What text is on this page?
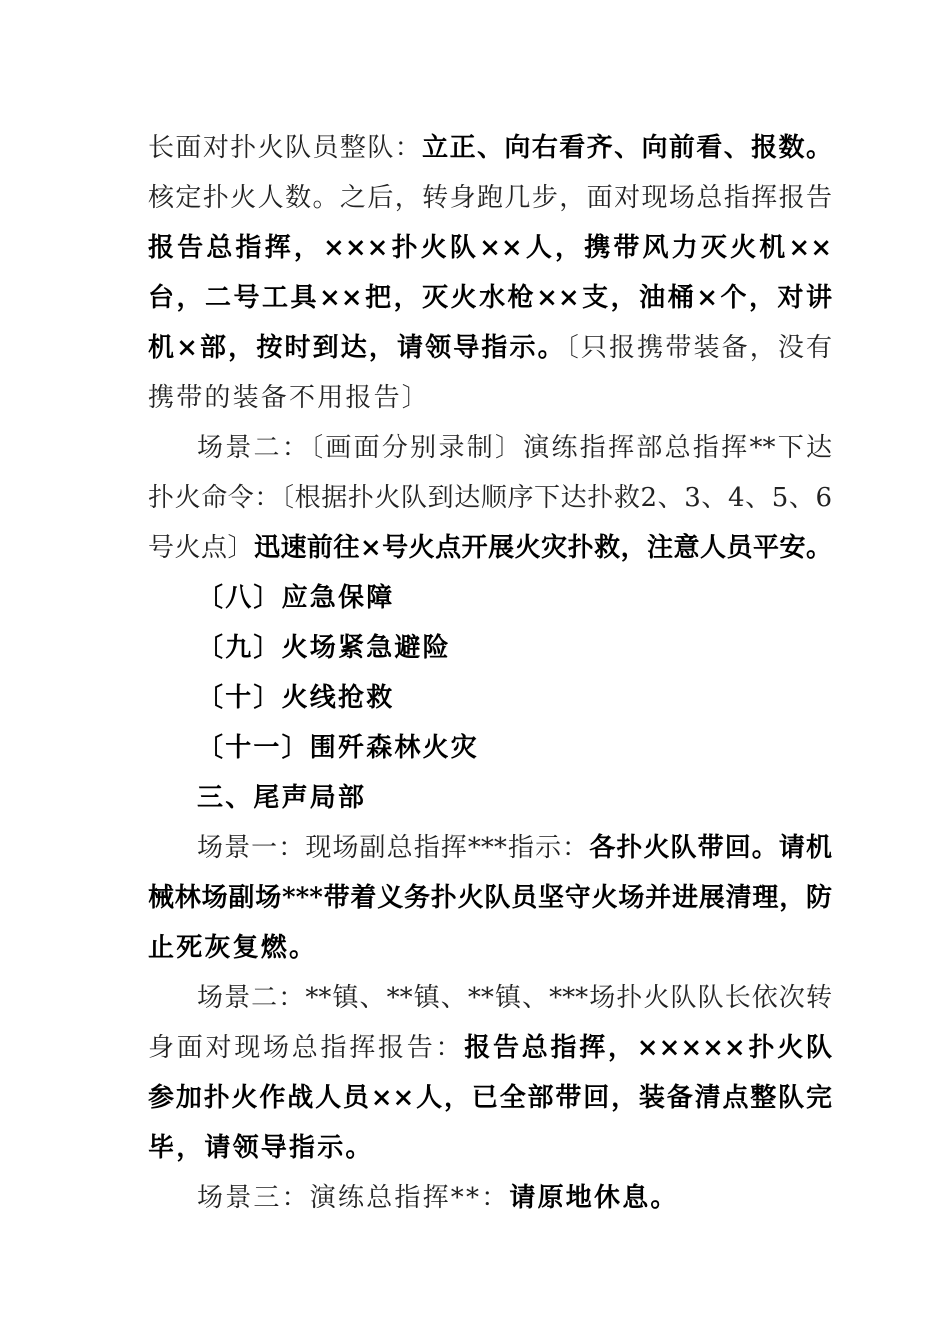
长面对扑火队员整队：立正、向右看齐、向前看、报数。
核定扑火人数。之后，转身跑几步，面对现场总指挥报告
报告总指挥，×××扑火队××人，携带风力灭火机××
台，二号工具××把，灭火水枪××支，油桶×个，对讲
机×部，按时到达，请领导指示。〔只报携带装备，没有
携带的装备不用报告〕
场景二：〔画面分别录制〕演练指挥部总指挥**下达
扑火命令：〔根据扑火队到达顺序下达扑救2、3、4、5、6
号火点〕迅速前往×号火点开展火灾扑救，注意人员平安。
〔八〕应急保障
〔九〕火场紧急避险
〔十〕火线抢救
〔十一〕围歼森林火灾
三、尾声局部
场景一：现场副总指挥***指示：各扑火队带回。请机
械林场副场***带着义务扑火队员坚守火场并进展清理，防
止死灰复燃。
场景二：**镇、**镇、**镇、***场扑火队队长依次转
身面对现场总指挥报告：报告总指挥，×××××扑火队
参加扑火作战人员××人，已全部带回，装备清点整队完
毕，请领导指示。
场景三：演练总指挥**：请原地休息。
